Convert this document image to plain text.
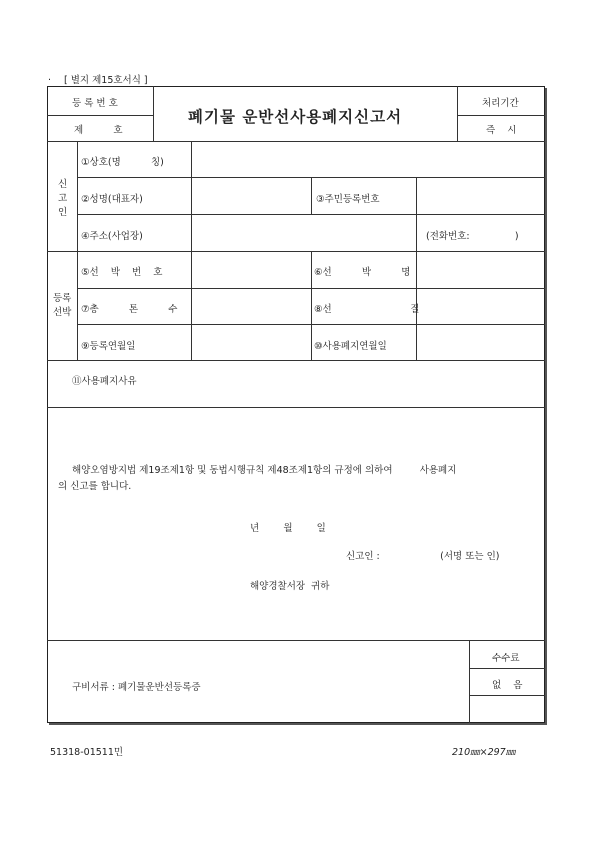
. [ 별지 제15호서식 ]
등 록 번 호
제          호
폐기물 운반선사용폐지신고서
처리기간
즉    시
신
고
인
①상호(명          칭)
②성명(대표자)	③주민등록번호
④주소(사업장)	(전화번호:               )
등록
선박
⑤선    박    번    호	⑥선          박          명
⑦총          톤          수	⑧선                          질
⑨등록연월일	⑩사용폐지연월일
⑪사용폐지사유
해양오염방지법 제19조제1항 및 동법시행규칙 제48조제1항의 규정에 의하여         사용폐지
의 신고를 합니다.
년        월        일
신고인 :                    (서명 또는 인)
해양경찰서장  귀하
구비서류 : 폐기물운반선등록증
수수료
없    음
51318-01511민	210㎜×297㎜
